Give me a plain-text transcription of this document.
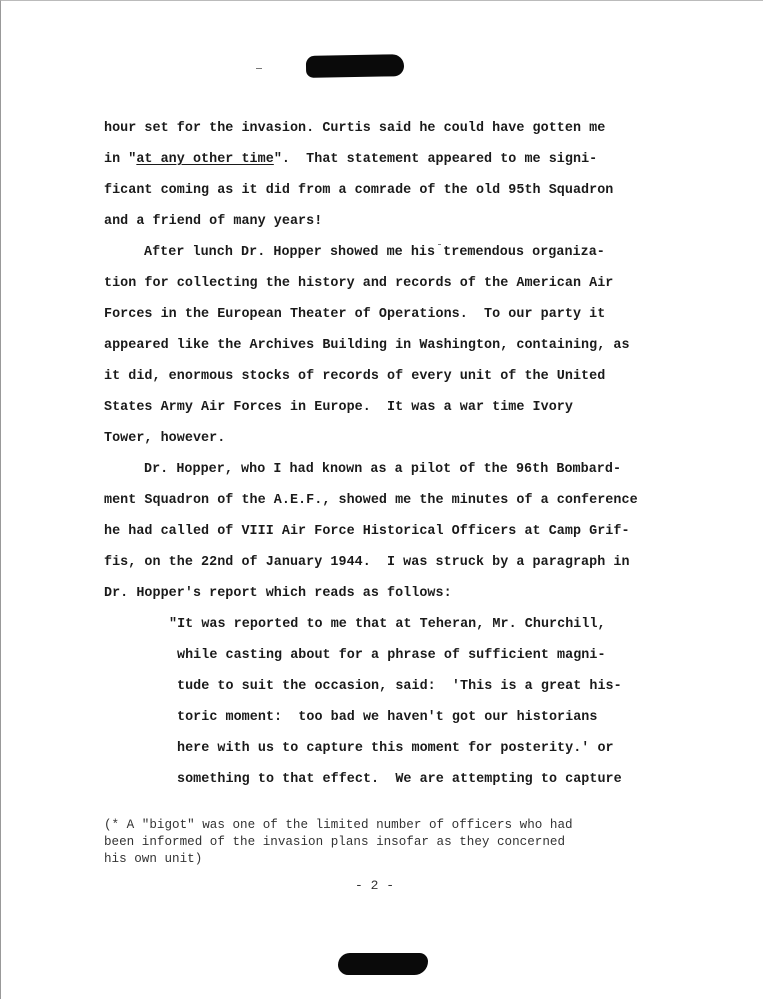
hour set for the invasion. Curtis said he could have gotten me
in "at any other time".  That statement appeared to me signi-
ficant coming as it did from a comrade of the old 95th Squadron
and a friend of many years!
After lunch Dr. Hopper showed me his tremendous organiza-
tion for collecting the history and records of the American Air
Forces in the European Theater of Operations.  To our party it
appeared like the Archives Building in Washington, containing, as
it did, enormous stocks of records of every unit of the United
States Army Air Forces in Europe.  It was a war time Ivory
Tower, however.
Dr. Hopper, who I had known as a pilot of the 96th Bombard-
ment Squadron of the A.E.F., showed me the minutes of a conference
he had called of VIII Air Force Historical Officers at Camp Grif-
fis, on the 22nd of January 1944.  I was struck by a paragraph in
Dr. Hopper's report which reads as follows:
"It was reported to me that at Teheran, Mr. Churchill,
while casting about for a phrase of sufficient magni-
tude to suit the occasion, said:  'This is a great his-
toric moment:  too bad we haven't got our historians
here with us to capture this moment for posterity.' or
something to that effect.  We are attempting to capture
(* A "bigot" was one of the limited number of officers who had
been informed of the invasion plans insofar as they concerned
his own unit)
- 2 -
